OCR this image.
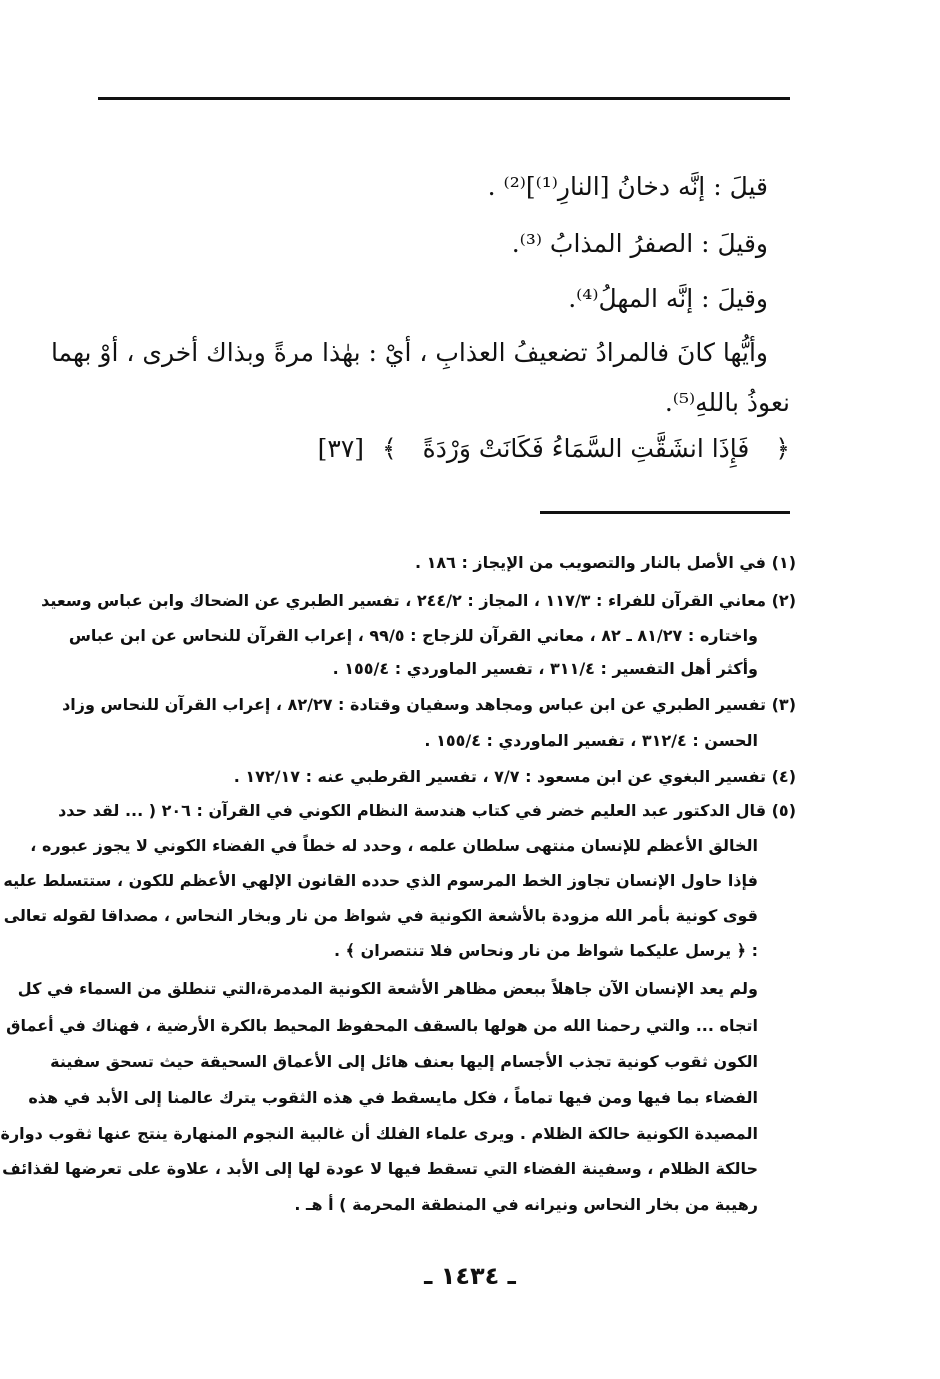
قيلَ : إنَّه دخانُ [النارِ⁽¹⁾]⁽²⁾ .
وقيلَ : الصفرُ المذابُ ⁽³⁾.
وقيلَ : إنَّه المهلُ⁽⁴⁾.
وأيُّها كانَ فالمرادُ تضعيفُ العذابِ ، أيْ : بهٰذا مرةً وبذاك أخرى ، أوْ بهما
نعوذُ باللهِ⁽⁵⁾.
﴿ فَإِذَا انشَقَّتِ السَّمَاءُ فَكَانَتْ وَرْدَةً ﴾ [٣٧]
(١) في الأصل بالنار والتصويب من الإيجاز : ١٨٦ .
(٢) معاني القرآن للفراء : ١١٧/٣ ، المجاز : ٢٤٤/٢ ، تفسير الطبري عن الضحاك وابن عباس وسعيد
واختاره : ٨١/٢٧ ـ ٨٢ ، معاني القرآن للزجاج : ٩٩/٥ ، إعراب القرآن للنحاس عن ابن عباس
وأكثر أهل التفسير : ٣١١/٤ ، تفسير الماوردي : ١٥٥/٤ .
(٣) تفسير الطبري عن ابن عباس ومجاهد وسفيان وقتادة : ٨٢/٢٧ ، إعراب القرآن للنحاس وزاد
الحسن : ٣١٢/٤ ، تفسير الماوردي : ١٥٥/٤ .
(٤) تفسير البغوي عن ابن مسعود : ٧/٧ ، تفسير القرطبي عنه : ١٧٢/١٧ .
(٥) قال الدكتور عبد العليم خضر في كتاب هندسة النظام الكوني في القرآن : ٢٠٦ ( ... لقد حدد
الخالق الأعظم للإنسان منتهى سلطان علمه ، وحدد له خطاً في الفضاء الكوني لا يجوز عبوره ،
فإذا حاول الإنسان تجاوز الخط المرسوم الذي حدده القانون الإلهي الأعظم للكون ، ستتسلط عليه
قوى كونية بأمر الله مزودة بالأشعة الكونية في شواظ من نار وبخار النحاس ، مصداقا لقوله تعالى
: ﴿ يرسل عليكما شواظ من نار ونحاس فلا تنتصران ﴾ .
ولم يعد الإنسان الآن جاهلاً ببعض مظاهر الأشعة الكونية المدمرة،التي تنطلق من السماء في كل
اتجاه ... والتي رحمنا الله من هولها بالسقف المحفوظ المحيط بالكرة الأرضية ، فهناك في أعماق
الكون ثقوب كونية تجذب الأجسام إليها بعنف هائل إلى الأعماق السحيقة حيث تسحق سفينة
الفضاء بما فيها ومن فيها تماماً ، فكل مايسقط في هذه الثقوب يترك عالمنا إلى الأبد في هذه
المصيدة الكونية حالكة الظلام . ويرى علماء الفلك أن غالبية النجوم المنهارة ينتج عنها ثقوب دوارة
حالكة الظلام ، وسفينة الفضاء التي تسقط فيها لا عودة لها إلى الأبد ، علاوة على تعرضها لقذائف
رهيبة من بخار النحاس ونيرانه في المنطقة المحرمة ) أ هـ .
ـ ١٤٣٤ ـ
